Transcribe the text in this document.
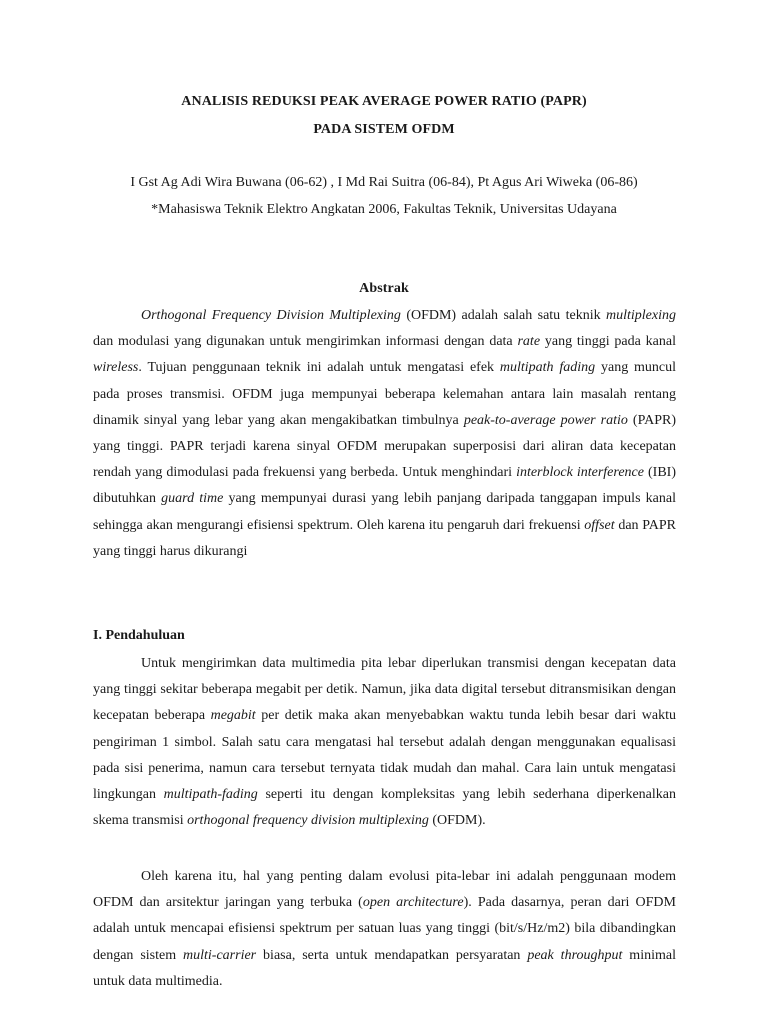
ANALISIS REDUKSI PEAK AVERAGE POWER RATIO (PAPR)
PADA SISTEM OFDM
I Gst Ag Adi Wira Buwana (06-62) , I Md Rai Suitra (06-84), Pt Agus Ari Wiweka (06-86)
*Mahasiswa Teknik Elektro Angkatan 2006, Fakultas Teknik, Universitas Udayana
Abstrak

Orthogonal Frequency Division Multiplexing (OFDM) adalah salah satu teknik multiplexing dan modulasi yang digunakan untuk mengirimkan informasi dengan data rate yang tinggi pada kanal wireless. Tujuan penggunaan teknik ini adalah untuk mengatasi efek multipath fading yang muncul pada proses transmisi. OFDM juga mempunyai beberapa kelemahan antara lain masalah rentang dinamik sinyal yang lebar yang akan mengakibatkan timbulnya peak-to-average power ratio (PAPR) yang tinggi. PAPR terjadi karena sinyal OFDM merupakan superposisi dari aliran data kecepatan rendah yang dimodulasi pada frekuensi yang berbeda. Untuk menghindari interblock interference (IBI) dibutuhkan guard time yang mempunyai durasi yang lebih panjang daripada tanggapan impuls kanal sehingga akan mengurangi efisiensi spektrum. Oleh karena itu pengaruh dari frekuensi offset dan PAPR yang tinggi harus dikurangi

I. Pendahuluan

Untuk mengirimkan data multimedia pita lebar diperlukan transmisi dengan kecepatan data yang tinggi sekitar beberapa megabit per detik. Namun, jika data digital tersebut ditransmisikan dengan kecepatan beberapa megabit per detik maka akan menyebabkan waktu tunda lebih besar dari waktu pengiriman 1 simbol. Salah satu cara mengatasi hal tersebut adalah dengan menggunakan equalisasi pada sisi penerima, namun cara tersebut ternyata tidak mudah dan mahal. Cara lain untuk mengatasi lingkungan multipath-fading seperti itu dengan kompleksitas yang lebih sederhana diperkenalkan skema transmisi orthogonal frequency division multiplexing (OFDM).

Oleh karena itu, hal yang penting dalam evolusi pita-lebar ini adalah penggunaan modem OFDM dan arsitektur jaringan yang terbuka (open architecture). Pada dasarnya, peran dari OFDM adalah untuk mencapai efisiensi spektrum per satuan luas yang tinggi (bit/s/Hz/m2) bila dibandingkan dengan sistem multi-carrier biasa, serta untuk mendapatkan persyaratan peak throughput minimal untuk data multimedia.
